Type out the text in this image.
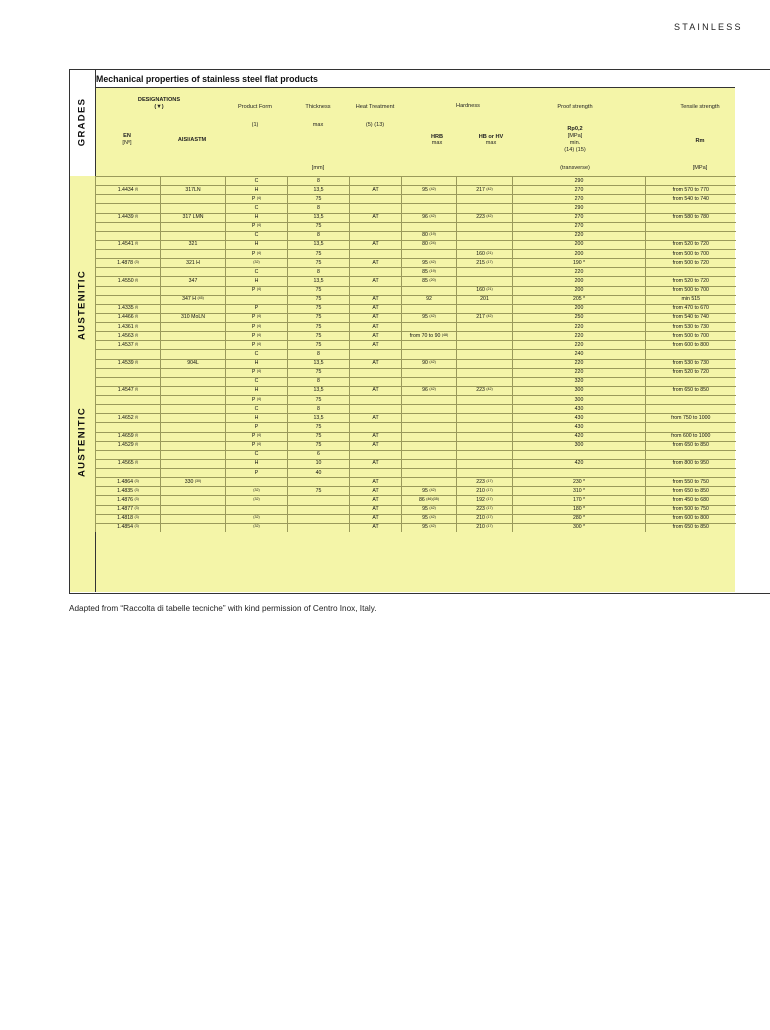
STAINLESS
Mechanical properties of stainless steel flat products
GRADES
AUSTENITIC
AUSTENITIC
DESIGNATIONS
(▼)
EN
[Nº]	AISI/ASTM
Product Form
(1)
Thickness
max
[mm]
Heat Treatment
(5) (13)
Hardness
HRB
max
HB or HV
max
Proof strength
Rp0,2
[MPa]
min.
(14) (15)
(transverse)
Tensile strength
Rm
[MPa]
		C	8				290	
1.4434 $^{(l)}$	317LN	H	13,5	AT	95 $^{(42)}$	217 $^{(42)}$	270	from 570 to 770
		P $^{(4)}$	75				270	from 540 to 740
		C	8				290	
1.4439 $^{(l)}$	317 LMN	H	13,5	AT	96 $^{(42)}$	223 $^{(42)}$	270	from 580 to 780
		P $^{(4)}$	75				270	
		C	8		80 $^{(19)}$		220	
1.4541 $^{(l)}$	321	H	13,5	AT	80 $^{(24)}$		200	from 520 to 720
		P $^{(4)}$	75			160 $^{(21)}$	200	from 500 to 700
1.4878 $^{(3)}$	321 H	$^{(32)}$	75	AT	95 $^{(42)}$	215 $^{(17)}$	190 *	from 500 to 720
		C	8		85 $^{(19)}$		220	
1.4550 $^{(l)}$	347	H	13,5	AT	85 $^{(20)}$		200	from 520 to 720
		P $^{(4)}$	75			160 $^{(21)}$	200	from 500 to 700
	347 H $^{(45)}$		75	AT	92	201	205 *	min 515
1.4335 $^{(l)}$		P	75	AT			200	from 470 to 670
1.4466 $^{(l)}$	310 MoLN	P $^{(4)}$	75	AT	95 $^{(42)}$	217 $^{(42)}$	250	from 540 to 740
1.4361 $^{(l)}$		P $^{(4)}$	75	AT			220	from 530 to 730
1.4563 $^{(l)}$		P $^{(4)}$	75	AT	from 70 to 90 $^{(48)}$		220	from 500 to 700
1.4537 $^{(l)}$		P $^{(4)}$	75	AT			220	from 600 to 800
		C	8				240	
1.4539 $^{(l)}$	904L	H	13,5	AT	90 $^{(42)}$		220	from 530 to 730
		P $^{(4)}$	75				220	from 520 to 720
		C	8				320	
1.4547 $^{(l)}$		H	13,5	AT	96 $^{(42)}$	223 $^{(42)}$	300	from 650 to 850
		P $^{(4)}$	75				300	
		C	8				430	
1.4652 $^{(l)}$		H	13,5	AT			430	from 750 to 1000
		P	75				430	
1.4659 $^{(l)}$		P $^{(4)}$	75	AT			420	from 600 to 1000
1.4529 $^{(l)}$		P $^{(4)}$	75	AT			300	from 650 to 850
		C	6					
1.4565 $^{(l)}$		H	10	AT			420	from 800 to 950
		P	40					
1.4864 $^{(3)}$	330 $^{(30)}$			AT		223 $^{(17)}$	230 *	from 550 to 750
1.4835 $^{(3)}$		$^{(32)}$	75	AT	95 $^{(42)}$	210 $^{(17)}$	310 *	from 650 to 850
1.4876 $^{(3)}$		$^{(32)}$		AT	86 $^{(46)(35)}$	192 $^{(17)}$	170 *	from 450 to 680
1.4877 $^{(3)}$				AT	95 $^{(42)}$	223 $^{(17)}$	180 *	from 500 to 750
1.4818 $^{(3)}$		$^{(32)}$		AT	95 $^{(42)}$	210 $^{(17)}$	280 *	from 600 to 800
1.4854 $^{(3)}$		$^{(32)}$		AT	95 $^{(42)}$	210 $^{(17)}$	300 *	from 650 to 850
Adapted from “Raccolta di tabelle tecniche” with kind permission of Centro Inox, Italy.
